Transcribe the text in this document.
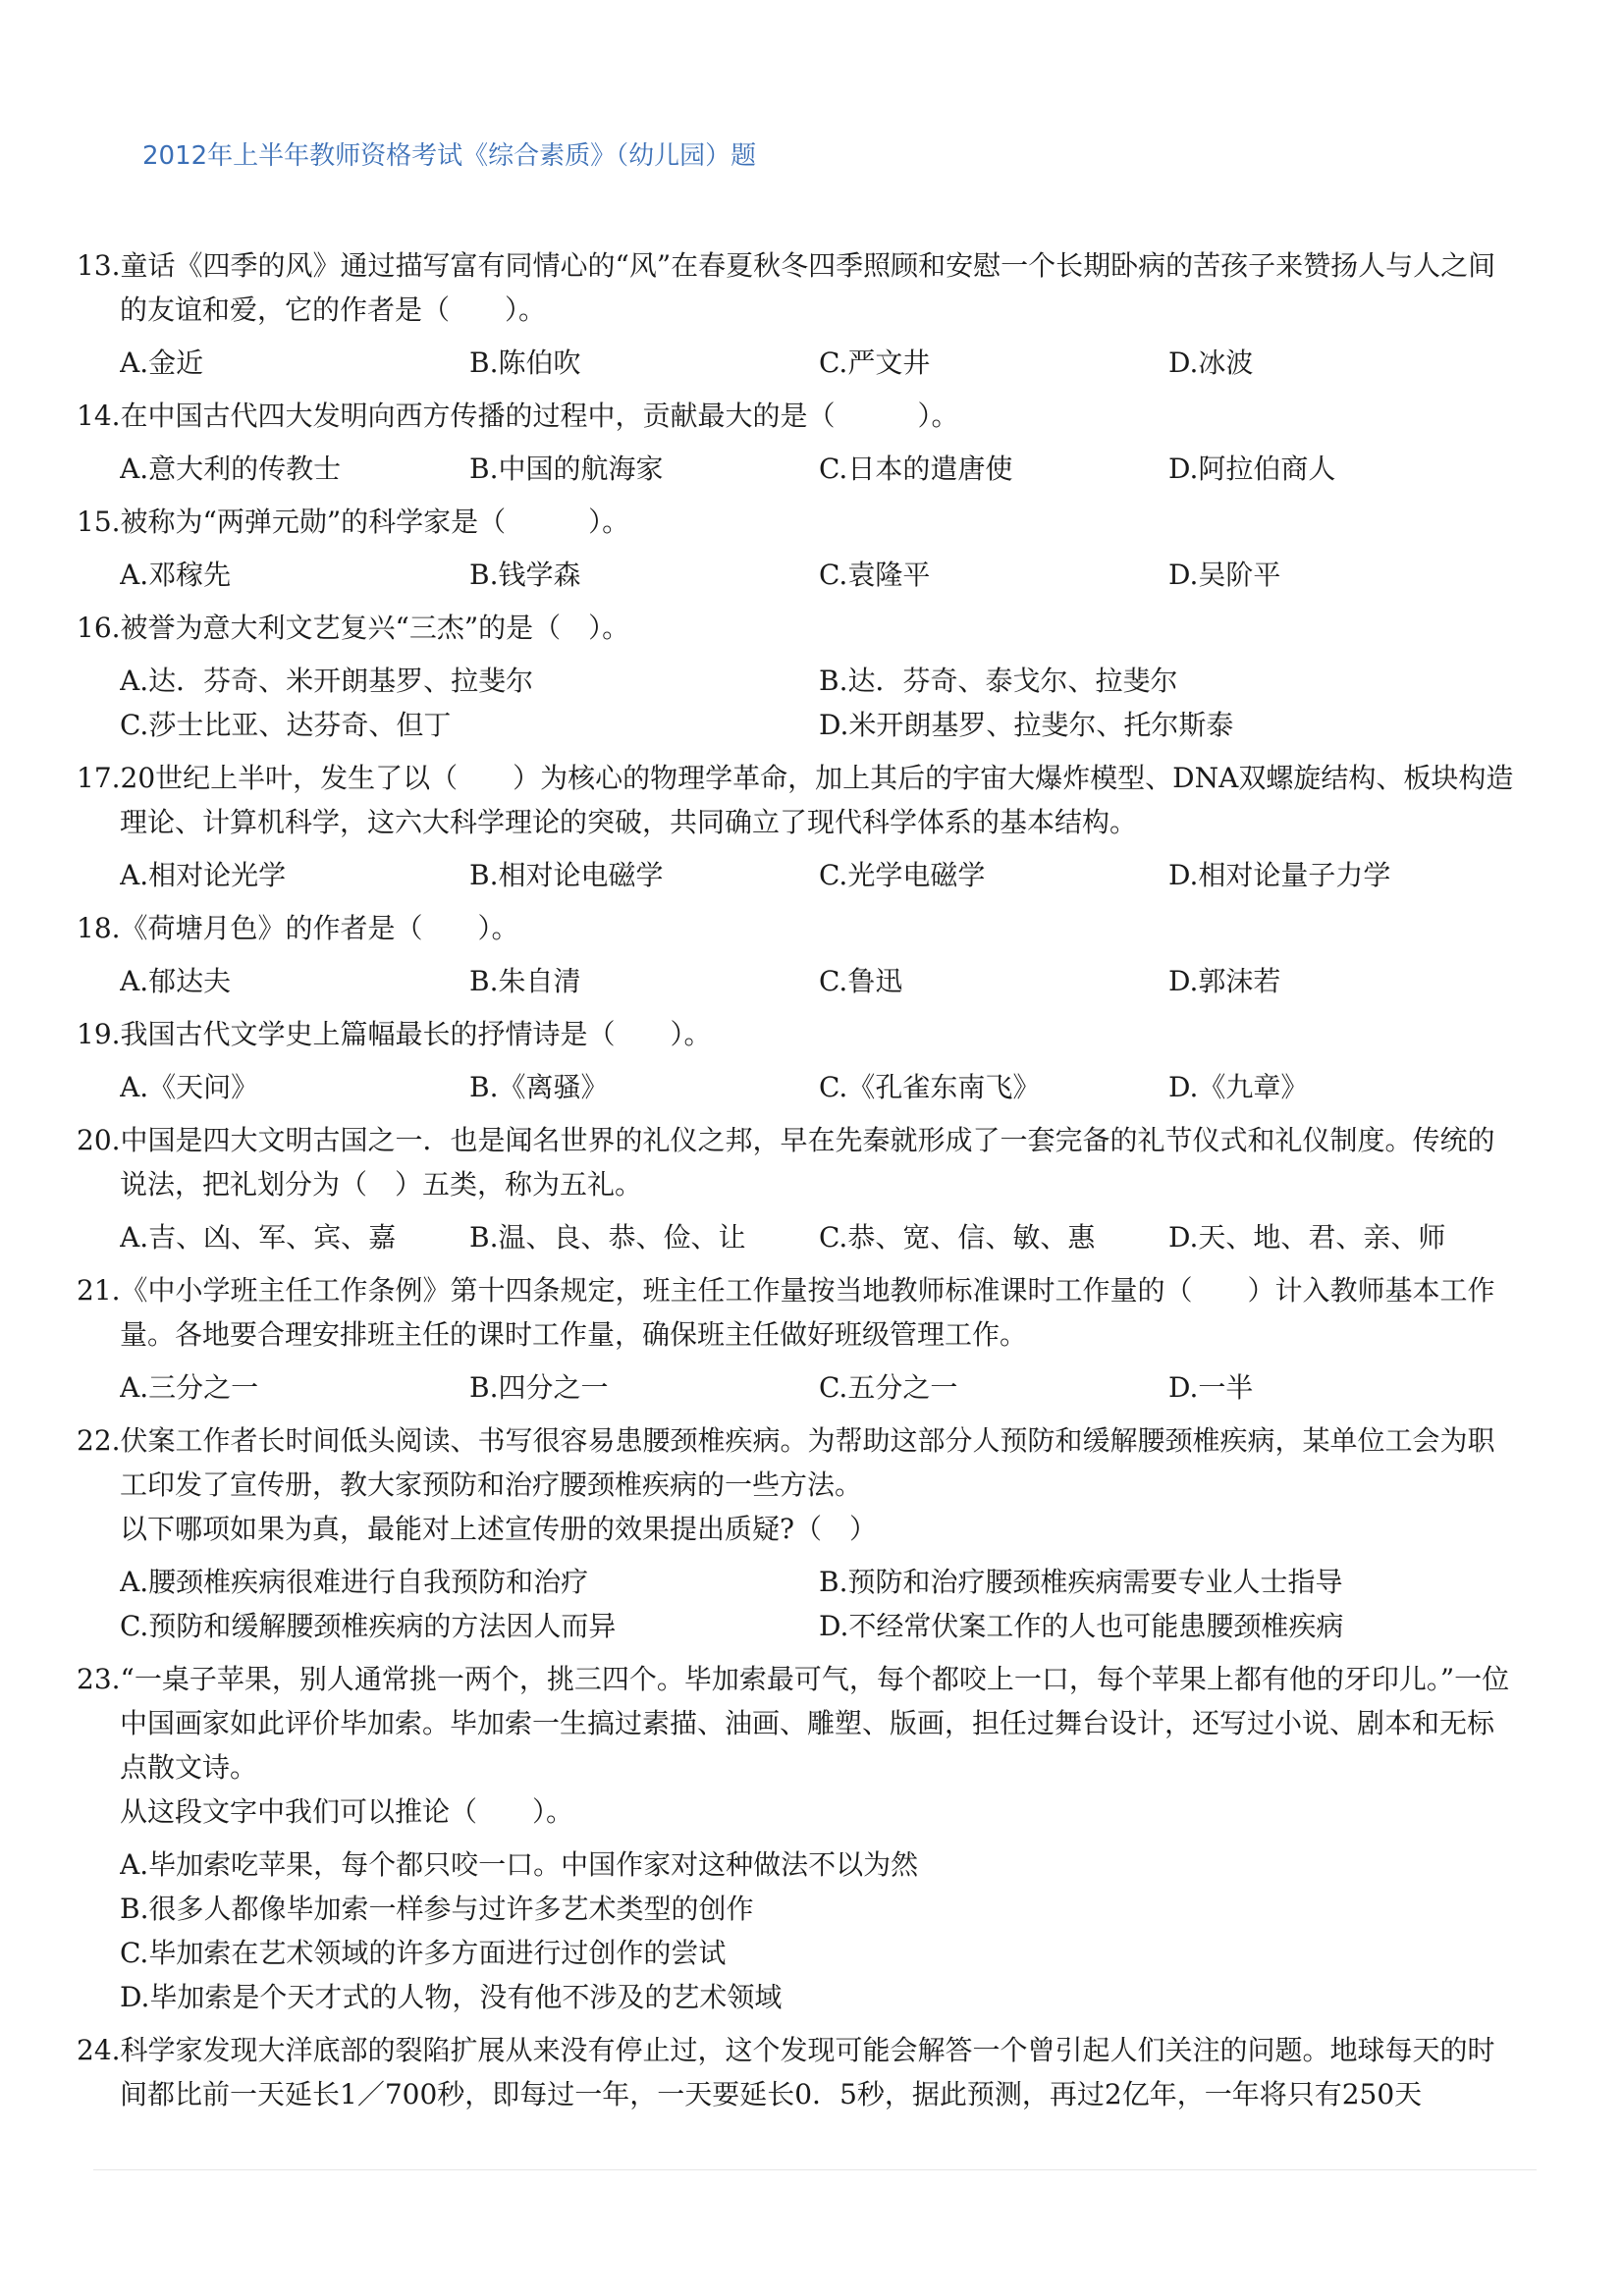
2012年上半年教师资格考试《综合素质》（幼儿园）题
13.童话《四季的风》通过描写富有同情心的“风”在春夏秋冬四季照顾和安慰一个长期卧病的苦孩子来赞扬人与人之间的友谊和爱，它的作者是（　　）。
A.金近	B.陈伯吹	C.严文井	D.冰波
14.在中国古代四大发明向西方传播的过程中，贡献最大的是（　　　）。
A.意大利的传教士	B.中国的航海家	C.日本的遣唐使	D.阿拉伯商人
15.被称为“两弹元勋”的科学家是（　　　）。
A.邓稼先	B.钱学森	C.袁隆平	D.吴阶平
16.被誉为意大利文艺复兴“三杰”的是（　）。
A.达．芬奇、米开朗基罗、拉斐尔	B.达．芬奇、泰戈尔、拉斐尔
C.莎士比亚、达芬奇、但丁	D.米开朗基罗、拉斐尔、托尔斯泰
17.20世纪上半叶，发生了以（　　）为核心的物理学革命，加上其后的宇宙大爆炸模型、DNA双螺旋结构、板块构造理论、计算机科学，这六大科学理论的突破，共同确立了现代科学体系的基本结构。
A.相对论光学	B.相对论电磁学	C.光学电磁学	D.相对论量子力学
18.《荷塘月色》的作者是（　　）。
A.郁达夫	B.朱自清	C.鲁迅	D.郭沫若
19.我国古代文学史上篇幅最长的抒情诗是（　　）。
A.《天问》	B.《离骚》	C.《孔雀东南飞》	D.《九章》
20.中国是四大文明古国之一．也是闻名世界的礼仪之邦，早在先秦就形成了一套完备的礼节仪式和礼仪制度。传统的说法，把礼划分为（　）五类，称为五礼。
A.吉、凶、军、宾、嘉	B.温、良、恭、俭、让	C.恭、宽、信、敏、惠	D.天、地、君、亲、师
21.《中小学班主任工作条例》第十四条规定，班主任工作量按当地教师标准课时工作量的（　　）计入教师基本工作量。各地要合理安排班主任的课时工作量，确保班主任做好班级管理工作。
A.三分之一	B.四分之一	C.五分之一	D.一半
22.伏案工作者长时间低头阅读、书写很容易患腰颈椎疾病。为帮助这部分人预防和缓解腰颈椎疾病，某单位工会为职工印发了宣传册，教大家预防和治疗腰颈椎疾病的一些方法。
以下哪项如果为真，最能对上述宣传册的效果提出质疑?（　）
A.腰颈椎疾病很难进行自我预防和治疗	B.预防和治疗腰颈椎疾病需要专业人士指导
C.预防和缓解腰颈椎疾病的方法因人而异	D.不经常伏案工作的人也可能患腰颈椎疾病
23.“一桌子苹果，别人通常挑一两个，挑三四个。毕加索最可气，每个都咬上一口，每个苹果上都有他的牙印儿。”一位中国画家如此评价毕加索。毕加索一生搞过素描、油画、雕塑、版画，担任过舞台设计，还写过小说、剧本和无标点散文诗。
从这段文字中我们可以推论（　　）。
A.毕加索吃苹果，每个都只咬一口。中国作家对这种做法不以为然
B.很多人都像毕加索一样参与过许多艺术类型的创作
C.毕加索在艺术领域的许多方面进行过创作的尝试
D.毕加索是个天才式的人物，没有他不涉及的艺术领域
24.科学家发现大洋底部的裂陷扩展从来没有停止过，这个发现可能会解答一个曾引起人们关注的问题。地球每天的时间都比前一天延长1／700秒，即每过一年，一天要延长0．5秒，据此预测，再过2亿年，一年将只有250天
